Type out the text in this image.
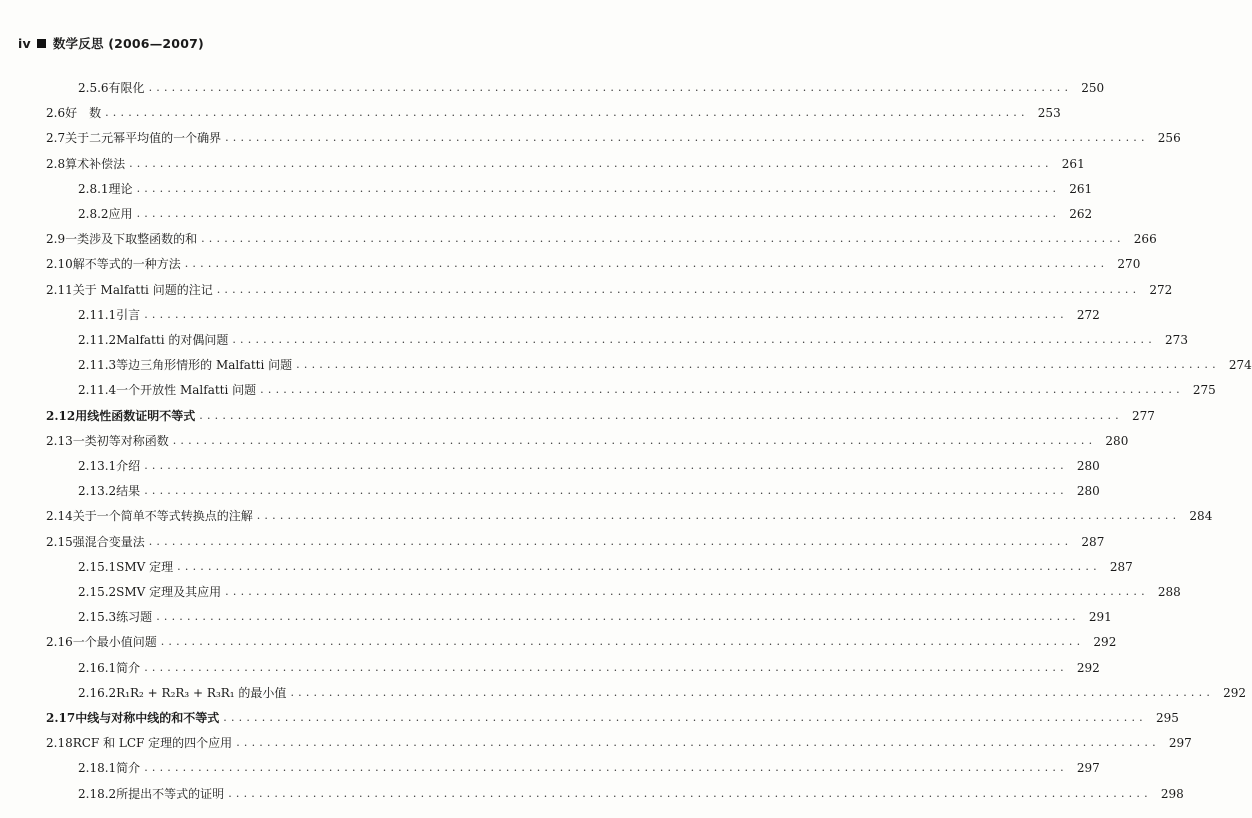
iv 数学反思 (2006—2007)
2.5.6 有限化 ........................................................................................................................ 250
2.6 好　数 ........................................................................................................................ 253
2.7 关于二元幂平均值的一个确界 ........................................................................................................................ 256
2.8 算术补偿法 ........................................................................................................................ 261
2.8.1 理论 ........................................................................................................................ 261
2.8.2 应用 ........................................................................................................................ 262
2.9 一类涉及下取整函数的和 ........................................................................................................................ 266
2.10 解不等式的一种方法 ........................................................................................................................ 270
2.11 关于 Malfatti 问题的注记 ........................................................................................................................ 272
2.11.1 引言 ........................................................................................................................ 272
2.11.2 Malfatti 的对偶问题 ........................................................................................................................ 273
2.11.3 等边三角形情形的 Malfatti 问题 ........................................................................................................................ 274
2.11.4 一个开放性 Malfatti 问题 ........................................................................................................................ 275
2.12 用线性函数证明不等式 ........................................................................................................................ 277
2.13 一类初等对称函数 ........................................................................................................................ 280
2.13.1 介绍 ........................................................................................................................ 280
2.13.2 结果 ........................................................................................................................ 280
2.14 关于一个简单不等式转换点的注解 ........................................................................................................................ 284
2.15 强混合变量法 ........................................................................................................................ 287
2.15.1 SMV 定理 ........................................................................................................................ 287
2.15.2 SMV 定理及其应用 ........................................................................................................................ 288
2.15.3 练习题 ........................................................................................................................ 291
2.16 一个最小值问题 ........................................................................................................................ 292
2.16.1 简介 ........................................................................................................................ 292
2.16.2 R₁R₂ + R₂R₃ + R₃R₁ 的最小值 ........................................................................................................................ 292
2.17 中线与对称中线的和不等式 ........................................................................................................................ 295
2.18 RCF 和 LCF 定理的四个应用 ........................................................................................................................ 297
2.18.1 简介 ........................................................................................................................ 297
2.18.2 所提出不等式的证明 ........................................................................................................................ 298
